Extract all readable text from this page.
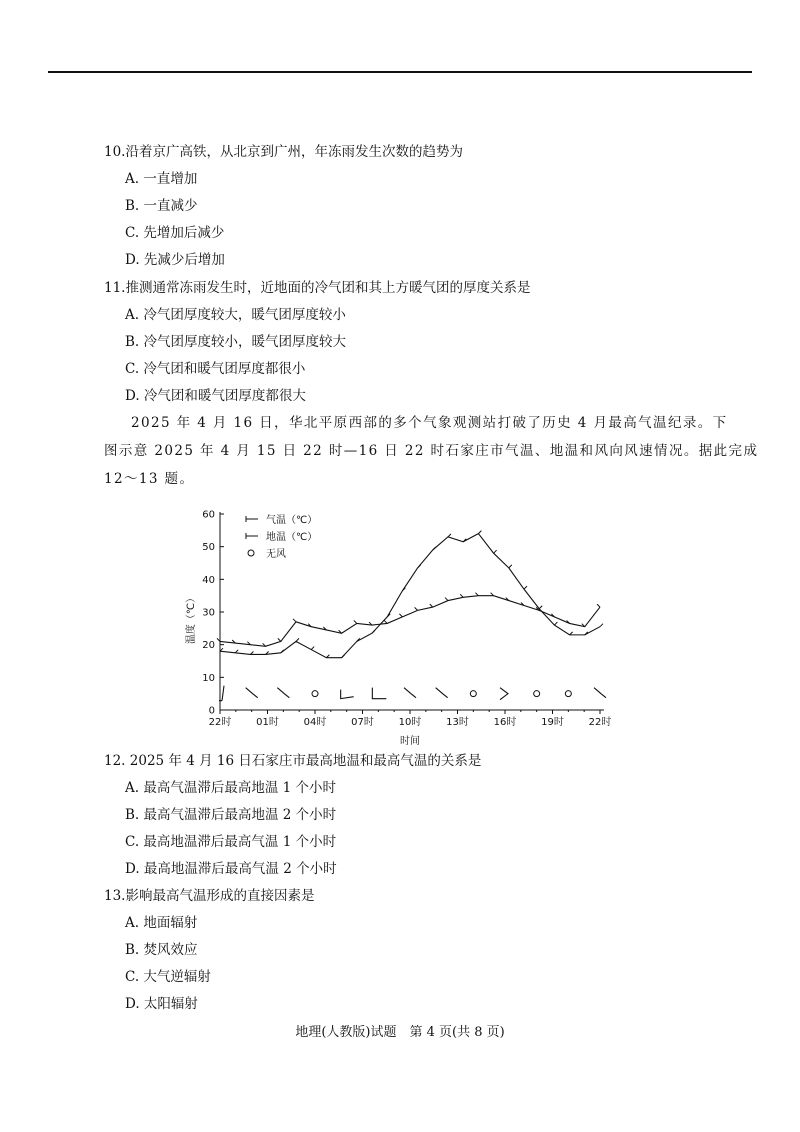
10.沿着京广高铁，从北京到广州，年冻雨发生次数的趋势为
A. 一直增加
B. 一直减少
C. 先增加后减少
D. 先减少后增加
11.推测通常冻雨发生时，近地面的冷气团和其上方暖气团的厚度关系是
A. 冷气团厚度较大，暖气团厚度较小
B. 冷气团厚度较小，暖气团厚度较大
C. 冷气团和暖气团厚度都很小
D. 冷气团和暖气团厚度都很大
2025 年 4 月 16 日，华北平原西部的多个气象观测站打破了历史 4 月最高气温纪录。下
图示意 2025 年 4 月 15 日 22 时—16 日 22 时石家庄市气温、地温和风向风速情况。据此完成
12～13 题。
0
10
20
30
40
50
60
22时 01时 04时 07时 10时 13时 16时 19时 22时
时间
温度（℃）
气温（℃）
地温（℃）
无风
12. 2025 年 4 月 16 日石家庄市最高地温和最高气温的关系是
A. 最高气温滞后最高地温 1 个小时
B. 最高气温滞后最高地温 2 个小时
C. 最高地温滞后最高气温 1 个小时
D. 最高地温滞后最高气温 2 个小时
13.影响最高气温形成的直接因素是
A. 地面辐射
B. 焚风效应
C. 大气逆辐射
D. 太阳辐射
地理(人教版)试题　第 4 页(共 8 页)
